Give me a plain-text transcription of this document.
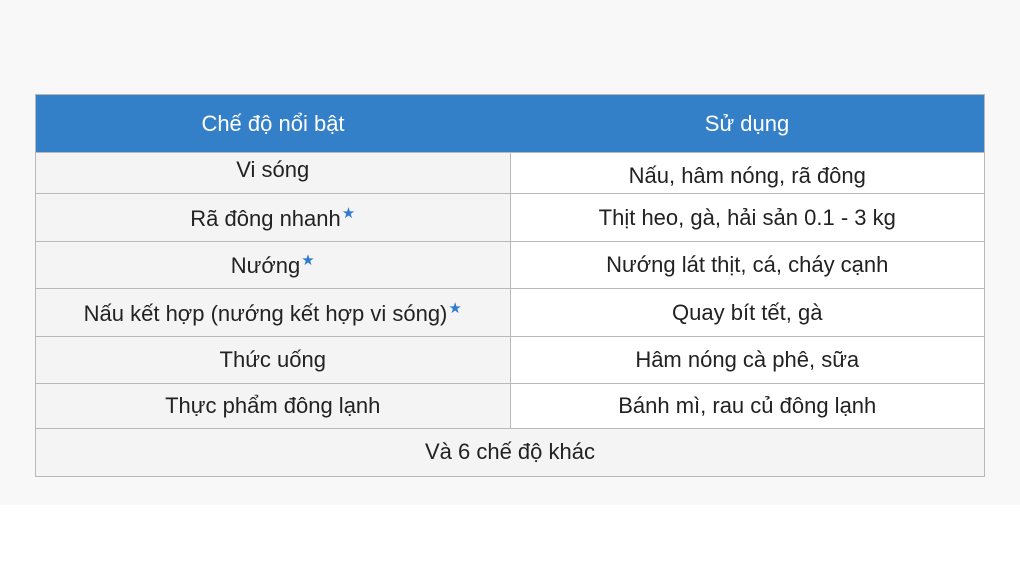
Chế độ nổi bật	Sử dụng
Vi sóng	Nấu, hâm nóng, rã đông
Rã đông nhanh★	Thịt heo, gà, hải sản 0.1 - 3 kg
Nướng★	Nướng lát thịt, cá, cháy cạnh
Nấu kết hợp (nướng kết hợp vi sóng)★	Quay bít tết, gà
Thức uống	Hâm nóng cà phê, sữa
Thực phẩm đông lạnh	Bánh mì, rau củ đông lạnh
Và 6 chế độ khác	
